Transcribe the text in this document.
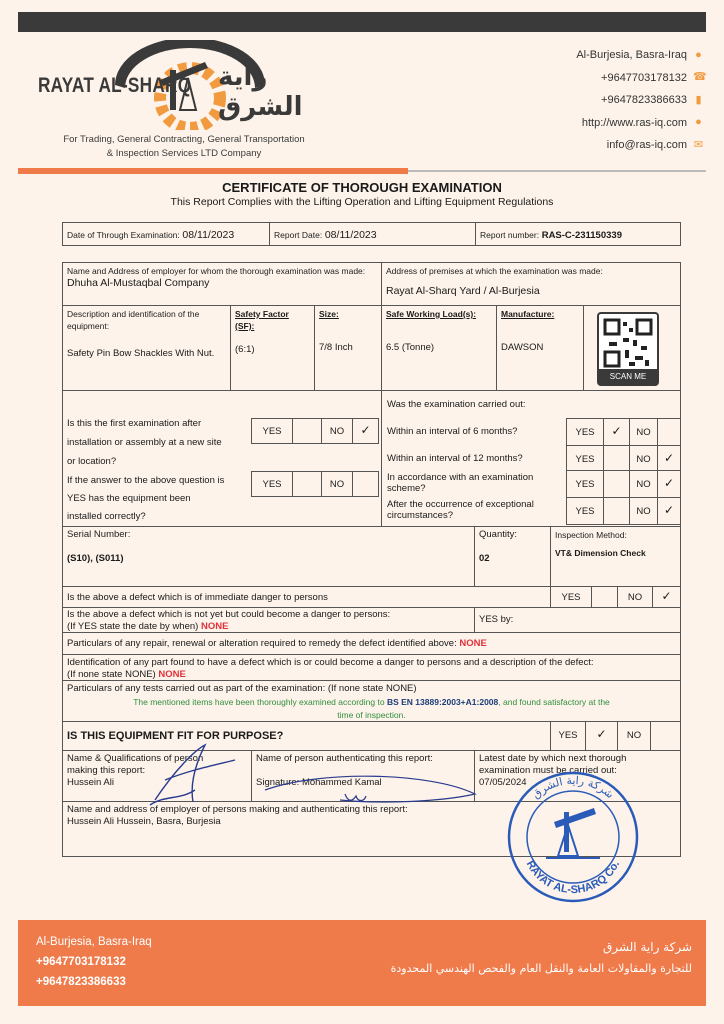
RAYAT AL-SHARQ راية الشرق
For Trading, General Contracting, General Transportation
& Inspection Services LTD Company
Al-Burjesia, Basra-Iraq ●
+9647703178132 ☎
+9647823386633 ▮
http://www.ras-iq.com ●
info@ras-iq.com ✉
CERTIFICATE OF THOROUGH EXAMINATION
This Report Complies with the Lifting Operation and Lifting Equipment Regulations
Date of Through Examination: 08/11/2023	Report Date: 08/11/2023	Report number: RAS-C-231150339
Name and Address of employer for whom the thorough examination was made:
Dhuha Al-Mustaqbal Company
Address of premises at which the examination was made:
Rayat Al-Sharq Yard / Al-Burjesia
Description and identification of the equipment:
Safety Pin Bow Shackles With Nut.
Safety Factor (SF):
(6:1)
Size:
7/8 Inch
Safe Working Load(s):
6.5 (Tonne)
Manufacture:
DAWSON
SCAN ME
Is this the first examination after
installation or assembly at a new site
or location?
YES	NO	✓
If the answer to the above question is
YES has the equipment been
installed correctly?
YES	NO
Was the examination carried out:
Within an interval of 6 months?	YES	✓	NO
Within an interval of 12 months?	YES	NO	✓
In accordance with an examination scheme?	YES	NO	✓
After the occurrence of exceptional circumstances?	YES	NO	✓
Serial Number:
(S10), (S011)
Quantity:
02
Inspection Method:
VT& Dimension Check
Is the above a defect which is of immediate danger to persons	YES	NO	✓
Is the above a defect which is not yet but could become a danger to persons:
(If YES state the date by when) NONE
YES by:
Particulars of any repair, renewal or alteration required to remedy the defect identified above: NONE
Identification of any part found to have a defect which is or could become a danger to persons and a description of the defect:
(If none state NONE) NONE
Particulars of any tests carried out as part of the examination: (If none state NONE)
The mentioned items have been thoroughly examined according to BS EN 13889:2003+A1:2008, and found satisfactory at the
time of inspection.
IS THIS EQUIPMENT FIT FOR PURPOSE?	YES	✓	NO
Name & Qualifications of person
making this report:
Hussein Ali
Name of person authenticating this report:
Signature: Mohammed Kamal
Latest date by which next thorough
examination must be carried out:
07/05/2024
Name and address of employer of persons making and authenticating this report:
Hussein Ali Hussein, Basra, Burjesia
شركة راية الشرق
RAYAT AL-SHARQ Co.
Al-Burjesia, Basra-Iraq
+9647703178132
+9647823386633
شركة راية الشرق
للتجارة والمقاولات العامة والنقل العام والفحص الهندسي المحدودة
